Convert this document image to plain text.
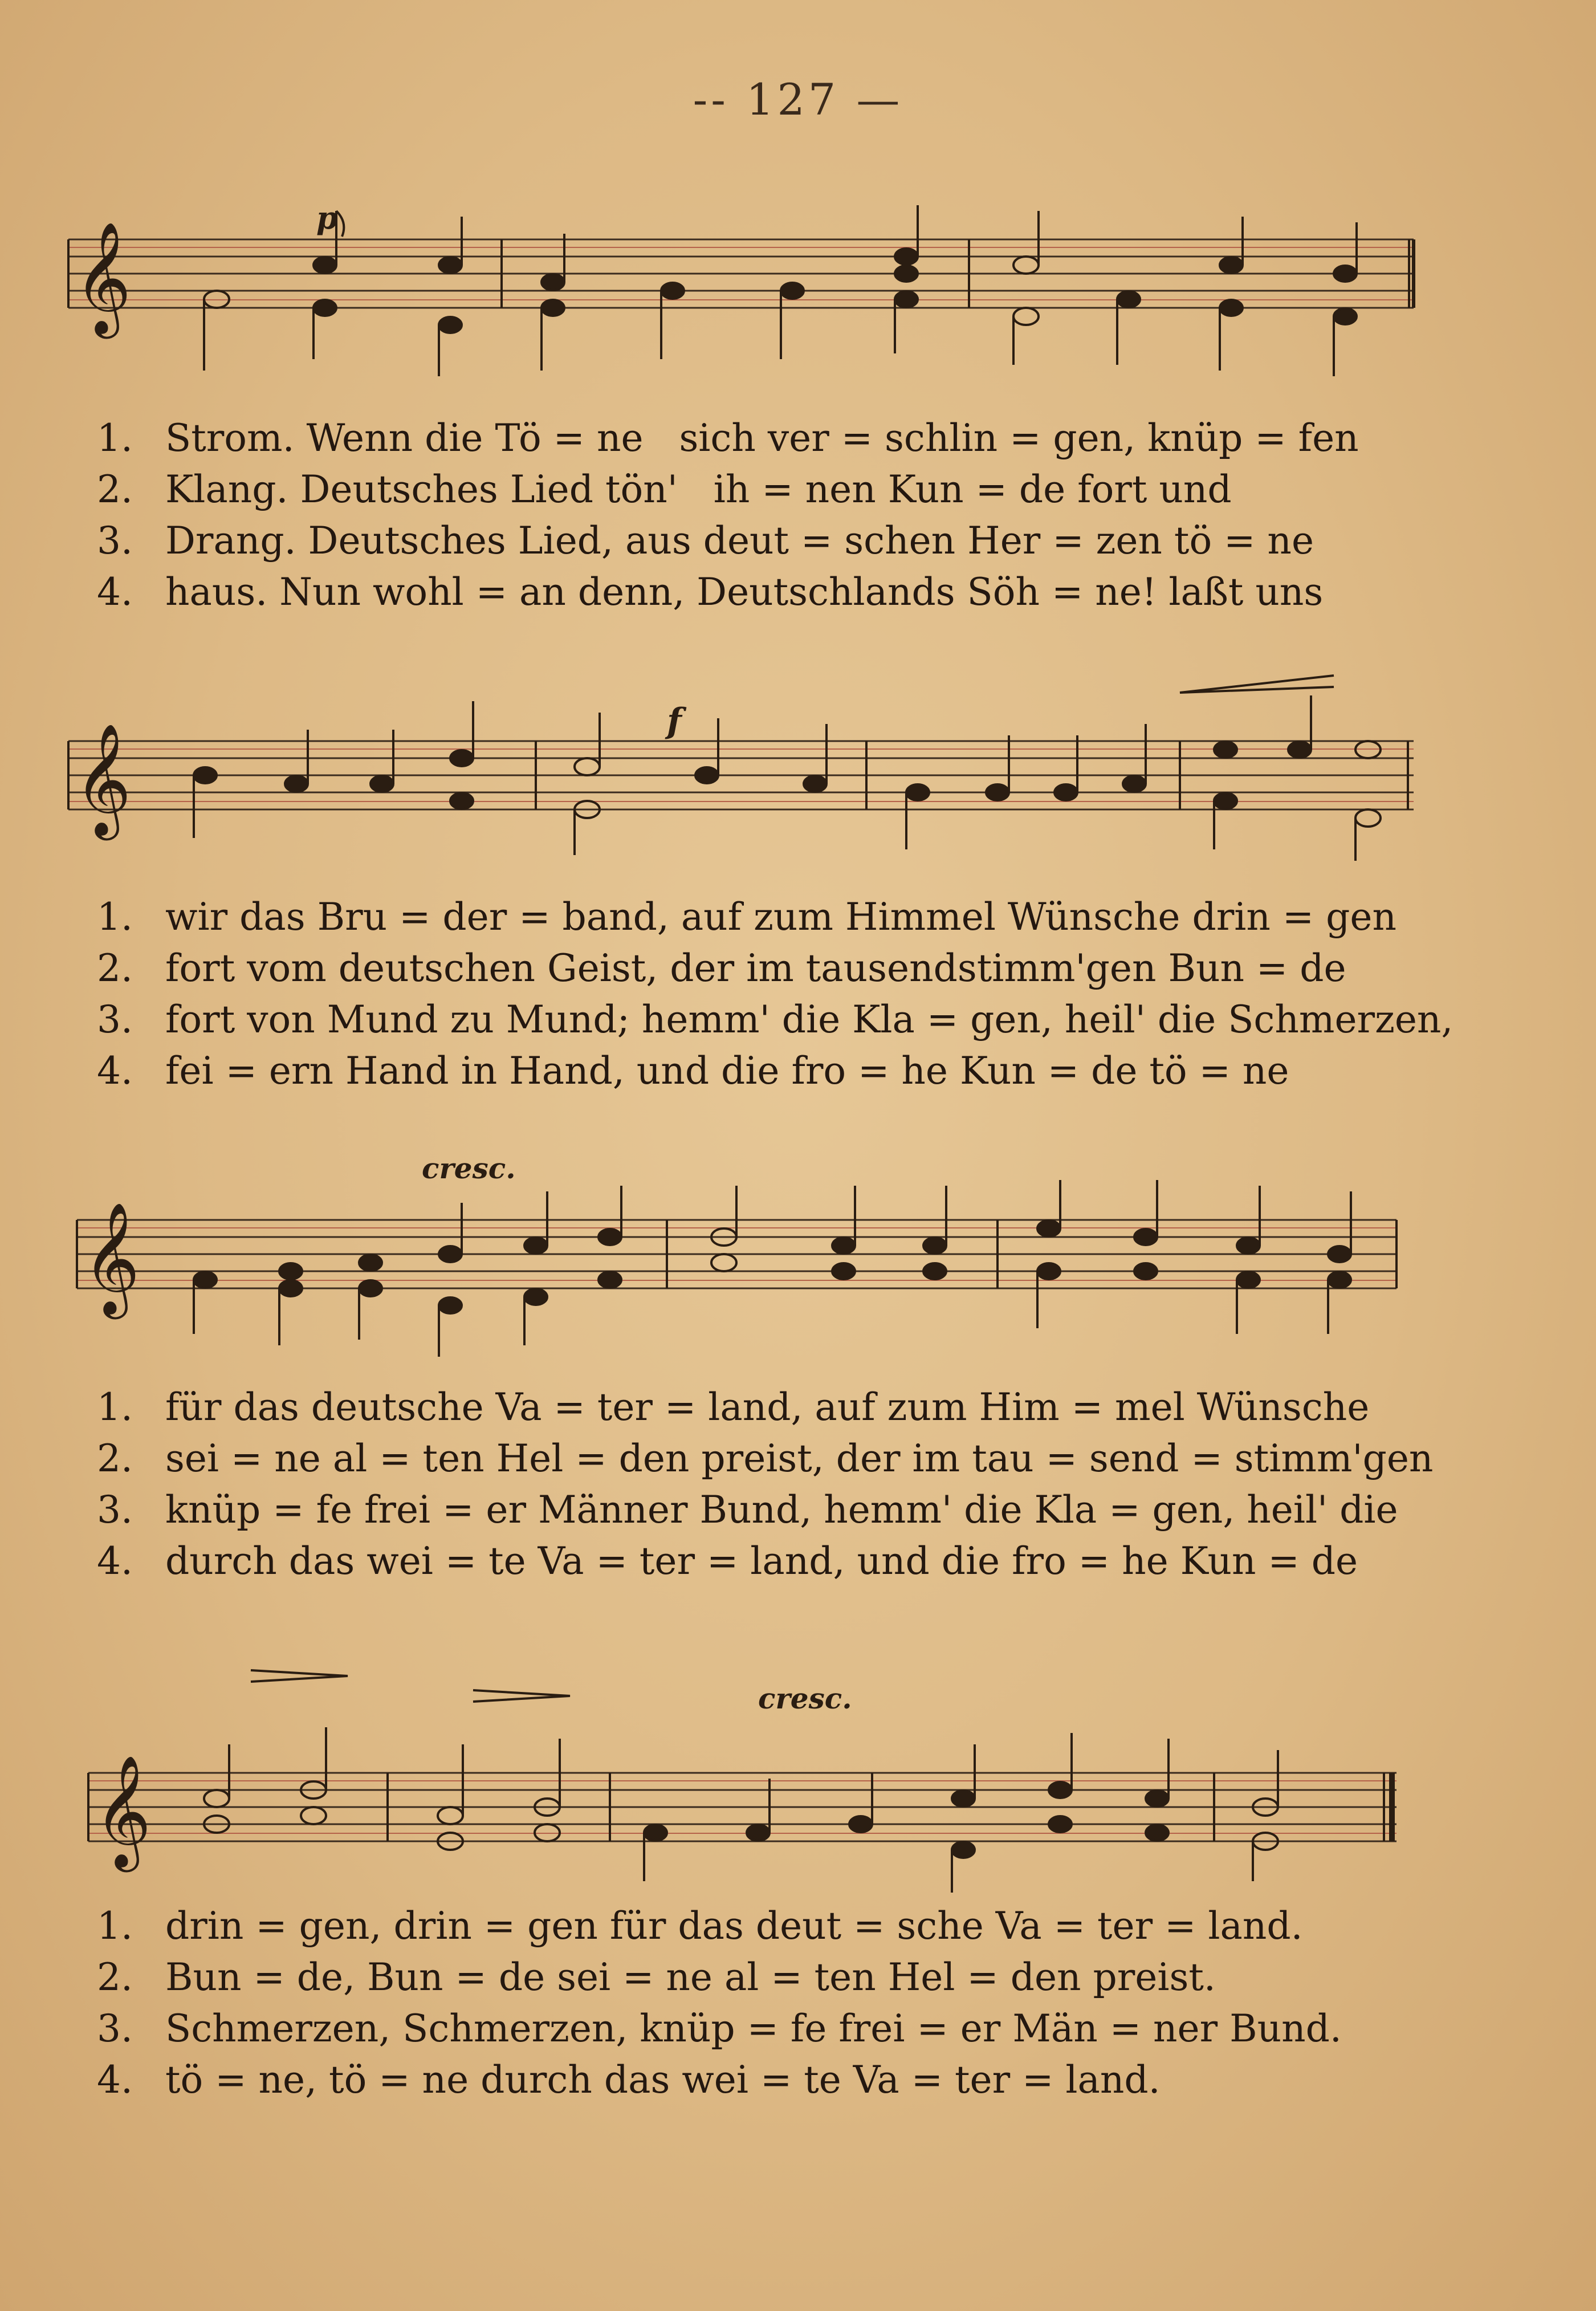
-- 127 —
𝄞
p
1. Strom. Wenn die Tö = ne   sich ver = schlin = gen, knüp = fen
2. Klang. Deutsches Lied tön'   ih = nen Kun = de fort und
3. Drang. Deutsches Lied, aus deut = schen Her = zen tö = ne
4. haus. Nun wohl = an denn, Deutschlands Söh = ne! laßt uns
𝄞
f
1. wir das Bru = der = band, auf zum Himmel Wünsche drin = gen
2. fort vom deutschen Geist, der im tausendstimm'gen Bun = de
3. fort von Mund zu Mund; hemm' die Kla = gen, heil' die Schmerzen,
4. fei = ern Hand in Hand, und die fro = he Kun = de tö = ne
𝄞
cresc.
1. für das deutsche Va = ter = land, auf zum Him = mel Wünsche
2. sei = ne al = ten Hel = den preist, der im tau = send = stimm'gen
3. knüp = fe frei = er Männer Bund, hemm' die Kla = gen, heil' die
4. durch das wei = te Va = ter = land, und die fro = he Kun = de
𝄞
cresc.
1. drin = gen, drin = gen für das deut = sche Va = ter = land.
2. Bun = de, Bun = de sei = ne al = ten Hel = den preist.
3. Schmerzen, Schmerzen, knüp = fe frei = er Män = ner Bund.
4. tö = ne, tö = ne durch das wei = te Va = ter = land.
